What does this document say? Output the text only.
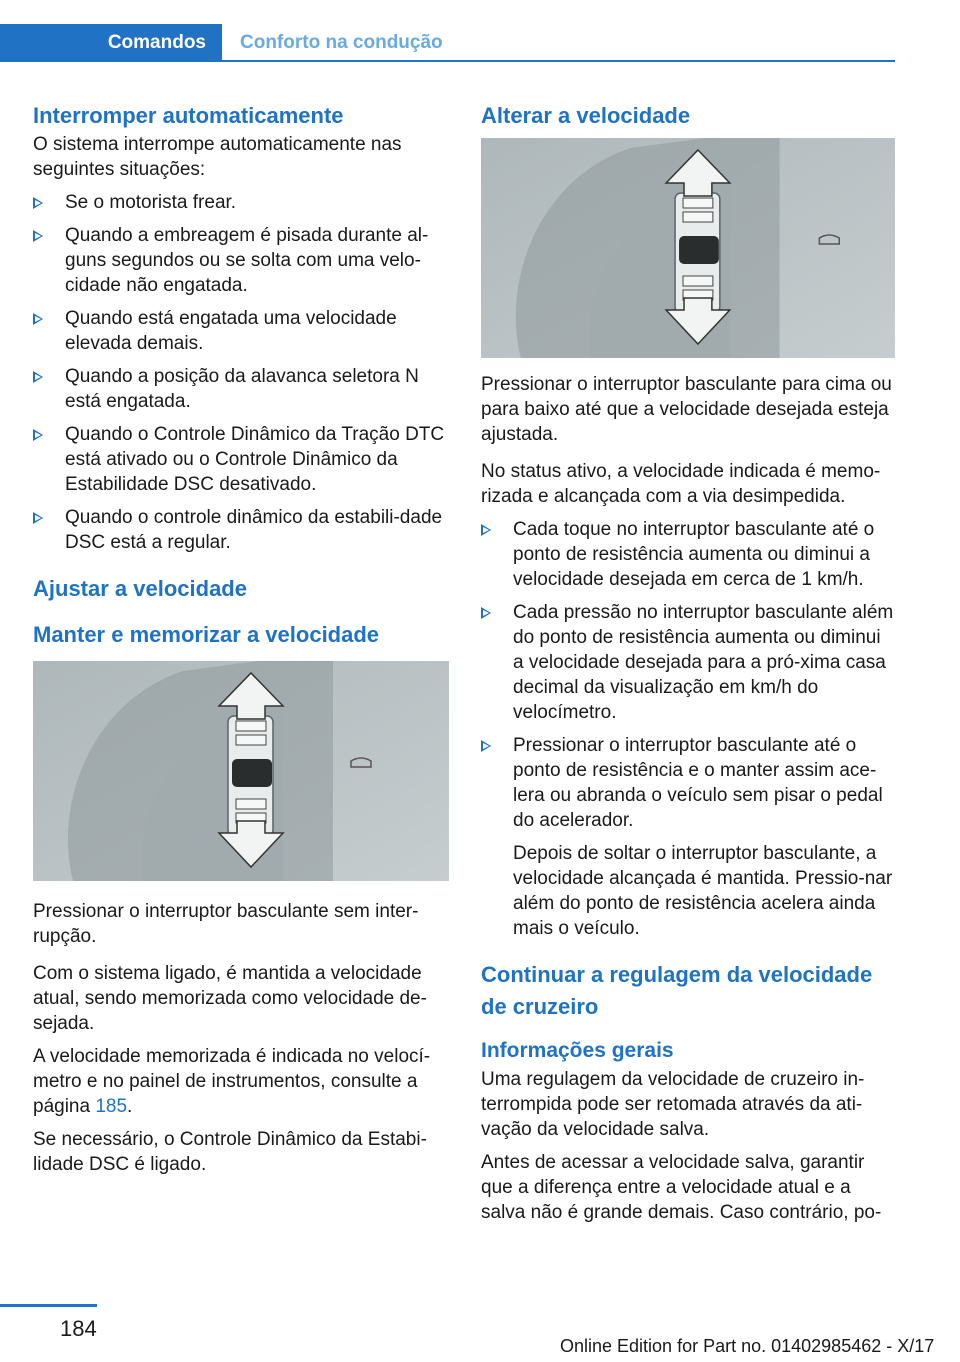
Comandos	Conforto na condução
Interromper automaticamente

O sistema interrompe automaticamente nas seguintes situações:

Se o motorista frear.
Quando a embreagem é pisada durante al-guns segundos ou se solta com uma velo-cidade não engatada.
Quando está engatada uma velocidade elevada demais.
Quando a posição da alavanca seletora N está engatada.
Quando o Controle Dinâmico da Tração DTC está ativado ou o Controle Dinâmico da Estabilidade DSC desativado.
Quando o controle dinâmico da estabili-dade DSC está a regular.
Ajustar a velocidade
Manter e memorizar a velocidade

Pressionar o interruptor basculante sem inter-rupção.

Com o sistema ligado, é mantida a velocidade atual, sendo memorizada como velocidade de-sejada.

A velocidade memorizada é indicada no velocí-metro e no painel de instrumentos, consulte a página 185.

Se necessário, o Controle Dinâmico da Estabi-lidade DSC é ligado.

Alterar a velocidade

Pressionar o interruptor basculante para cima ou para baixo até que a velocidade desejada esteja ajustada.

No status ativo, a velocidade indicada é memo-rizada e alcançada com a via desimpedida.

Cada toque no interruptor basculante até o ponto de resistência aumenta ou diminui a velocidade desejada em cerca de 1 km/h.
Cada pressão no interruptor basculante além do ponto de resistência aumenta ou diminui a velocidade desejada para a pró-xima casa decimal da visualização em km/h do velocímetro.
Pressionar o interruptor basculante até o ponto de resistência e o manter assim ace-lera ou abranda o veículo sem pisar o pedal do acelerador.

Depois de soltar o interruptor basculante, a velocidade alcançada é mantida. Pressio-nar além do ponto de resistência acelera ainda mais o veículo.

Continuar a regulagem da velocidade de cruzeiro
Informações gerais

Uma regulagem da velocidade de cruzeiro in-terrompida pode ser retomada através da ati-vação da velocidade salva.

Antes de acessar a velocidade salva, garantir que a diferença entre a velocidade atual e a salva não é grande demais. Caso contrário, po-

184
Online Edition for Part no. 01402985462 - X/17
